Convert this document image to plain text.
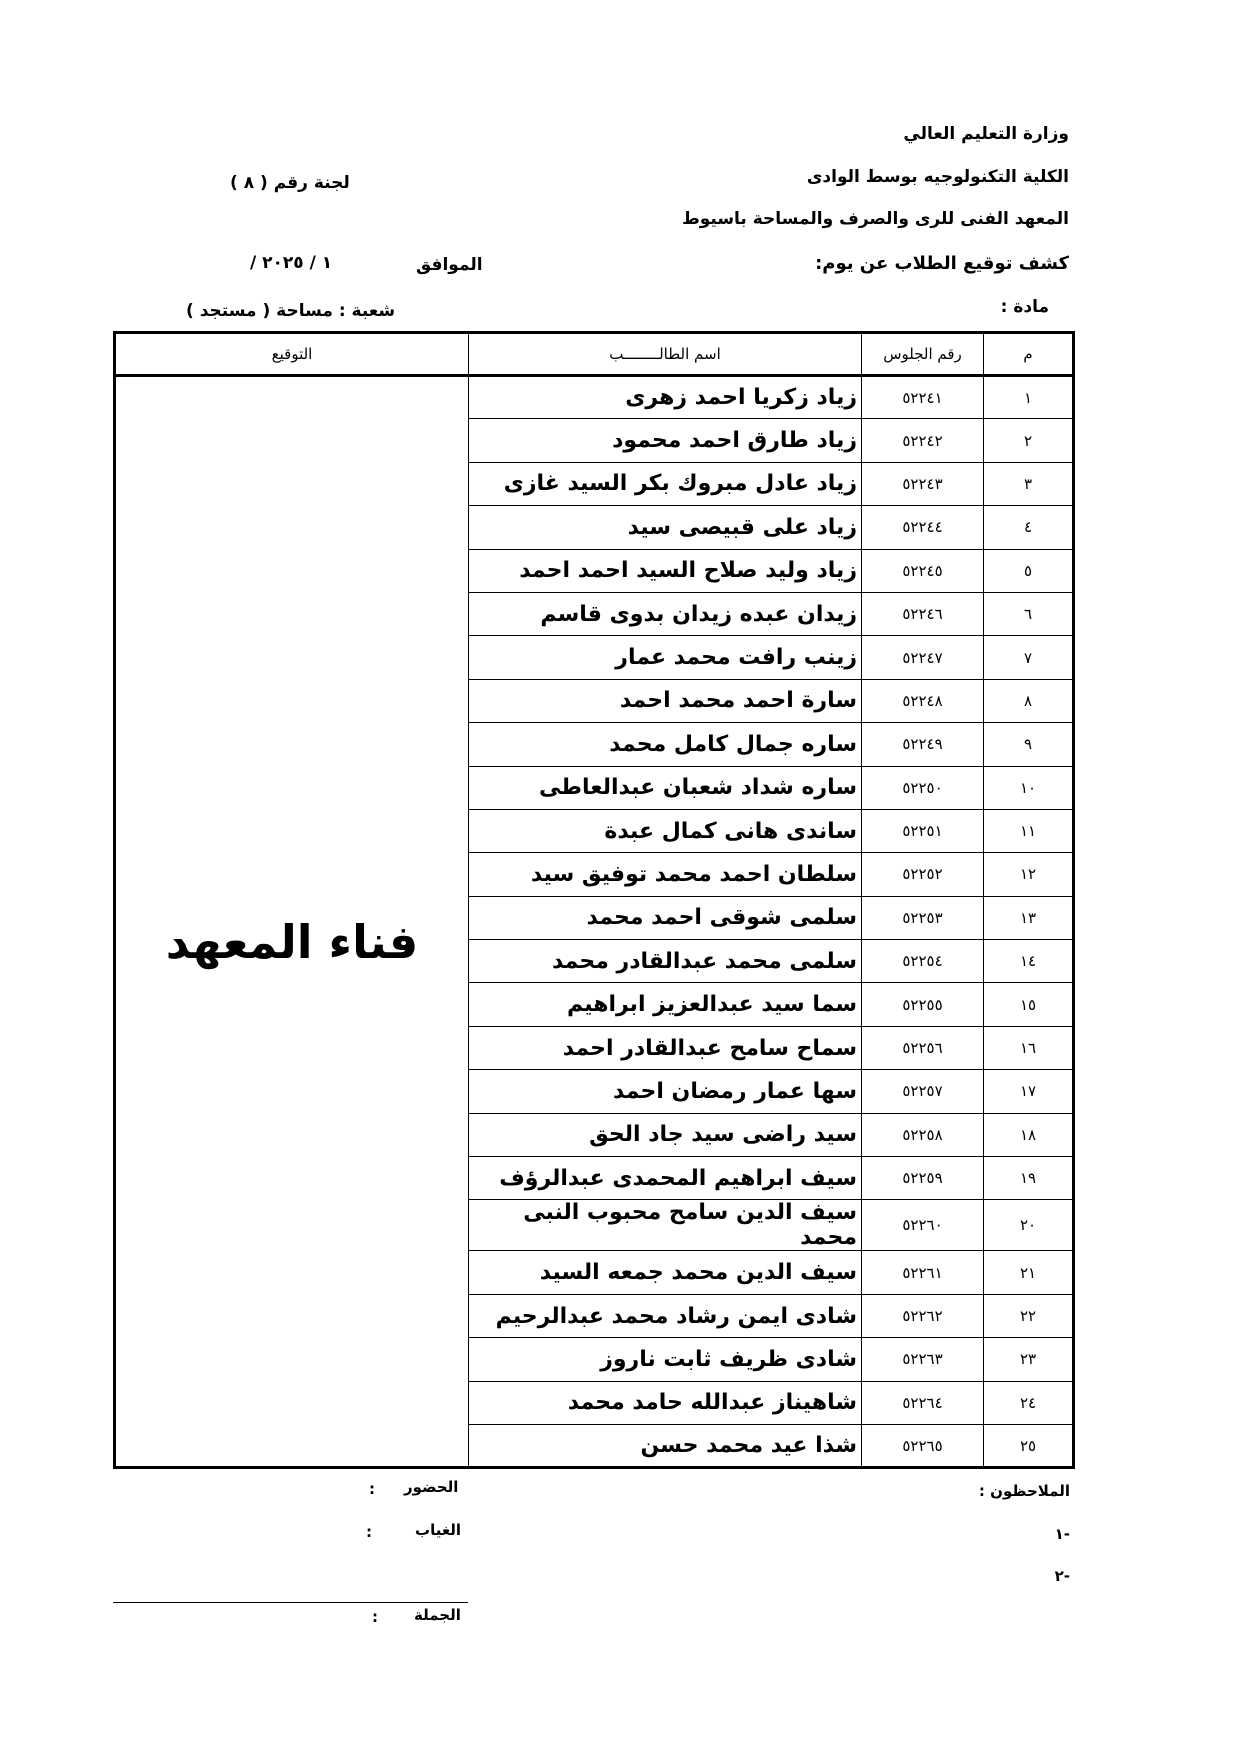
وزارة التعليم العالي
الكلية التكنولوجيه بوسط الوادى
المعهد الفنى للرى والصرف والمساحة باسيوط
كشف توقيع الطلاب عن يوم:
مادة :
لجنة رقم ( ٨ )
الموافق
/ ١ / ٢٠٢٥
شعبة : مساحة ( مستجد )
م	رقم الجلوس	اسم الطالــــــــب	التوقيع
١	٥٢٢٤١	زياد زكريا احمد زهرى	فناء المعهد

٢	٥٢٢٤٢	زياد طارق احمد محمود	
٣	٥٢٢٤٣	زياد عادل مبروك بكر السيد غازى	
٤	٥٢٢٤٤	زياد على قبيصى سيد	
٥	٥٢٢٤٥	زياد وليد صلاح السيد احمد احمد	
٦	٥٢٢٤٦	زيدان عبده زيدان بدوى قاسم	
٧	٥٢٢٤٧	زينب رافت محمد عمار	
٨	٥٢٢٤٨	سارة احمد محمد احمد	
٩	٥٢٢٤٩	ساره جمال كامل محمد	
١٠	٥٢٢٥٠	ساره شداد شعبان عبدالعاطى	
١١	٥٢٢٥١	ساندى هانى كمال عبدة	
١٢	٥٢٢٥٢	سلطان احمد محمد توفيق سيد	
١٣	٥٢٢٥٣	سلمى شوقى احمد محمد	
١٤	٥٢٢٥٤	سلمى محمد عبدالقادر محمد	
١٥	٥٢٢٥٥	سما سيد عبدالعزيز ابراهيم	
١٦	٥٢٢٥٦	سماح سامح عبدالقادر احمد	
١٧	٥٢٢٥٧	سها عمار رمضان احمد	
١٨	٥٢٢٥٨	سيد راضى سيد جاد الحق	
١٩	٥٢٢٥٩	سيف ابراهيم المحمدى عبدالرؤف	
٢٠	٥٢٢٦٠	سيف الدين سامح محبوب النبى محمد	
٢١	٥٢٢٦١	سيف الدين محمد جمعه السيد	
٢٢	٥٢٢٦٢	شادى ايمن رشاد محمد عبدالرحيم	
٢٣	٥٢٢٦٣	شادى ظريف ثابت ناروز	
٢٤	٥٢٢٦٤	شاهيناز عبدالله حامد محمد	
٢٥	٥٢٢٦٥	شذا عيد محمد حسن	
الملاحظون :
-١
-٢
الحضور
:
الغياب
:
الجملة
:
